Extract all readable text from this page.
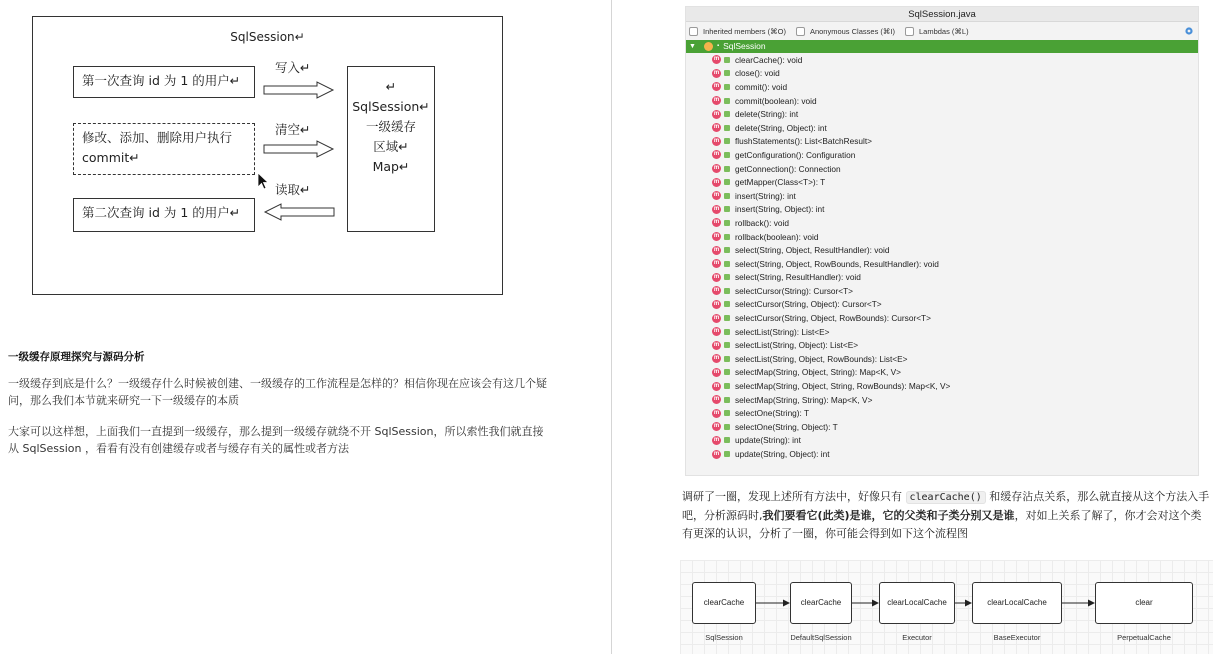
SqlSession↵
第一次查询 id 为 1 的用户↵
修改、添加、删除用户执行
commit↵
第二次查询 id 为 1 的用户↵
↵
SqlSession↵
一级缓存
区域↵
Map↵
写入↵
清空↵
读取↵
一级缓存原理探究与源码分析
一级缓存到底是什么？一级缓存什么时候被创建、一级缓存的工作流程是怎样的？相信你现在应该会有这几个疑问，那么我们本节就来研究一下一级缓存的本质
大家可以这样想，上面我们一直提到一级缓存，那么提到一级缓存就绕不开 SqlSession，所以索性我们就直接从 SqlSession ，看看有没有创建缓存或者与缓存有关的属性或者方法
SqlSession.java
Inherited members (⌘O)	Anonymous Classes (⌘I)	Lambdas (⌘L)
▼	▪ SqlSession
m clearCache(): void
m close(): void
m commit(): void
m commit(boolean): void
m delete(String): int
m delete(String, Object): int
m flushStatements(): List<BatchResult>
m getConfiguration(): Configuration
m getConnection(): Connection
m getMapper(Class<T>): T
m insert(String): int
m insert(String, Object): int
m rollback(): void
m rollback(boolean): void
m select(String, Object, ResultHandler): void
m select(String, Object, RowBounds, ResultHandler): void
m select(String, ResultHandler): void
m selectCursor(String): Cursor<T>
m selectCursor(String, Object): Cursor<T>
m selectCursor(String, Object, RowBounds): Cursor<T>
m selectList(String): List<E>
m selectList(String, Object): List<E>
m selectList(String, Object, RowBounds): List<E>
m selectMap(String, Object, String): Map<K, V>
m selectMap(String, Object, String, RowBounds): Map<K, V>
m selectMap(String, String): Map<K, V>
m selectOne(String): T
m selectOne(String, Object): T
m update(String): int
m update(String, Object): int
调研了一圈，发现上述所有方法中，好像只有 clearCache() 和缓存沾点关系，那么就直接从这个方法入手吧，分析源码时,我们要看它(此类)是谁，它的父类和子类分别又是谁，对如上关系了解了，你才会对这个类有更深的认识，分析了一圈，你可能会得到如下这个流程图
clearCache
SqlSession
clearCache
DefaultSqlSession
clearLocalCache
Executor
clearLocalCache
BaseExecutor
clear
PerpetualCache
